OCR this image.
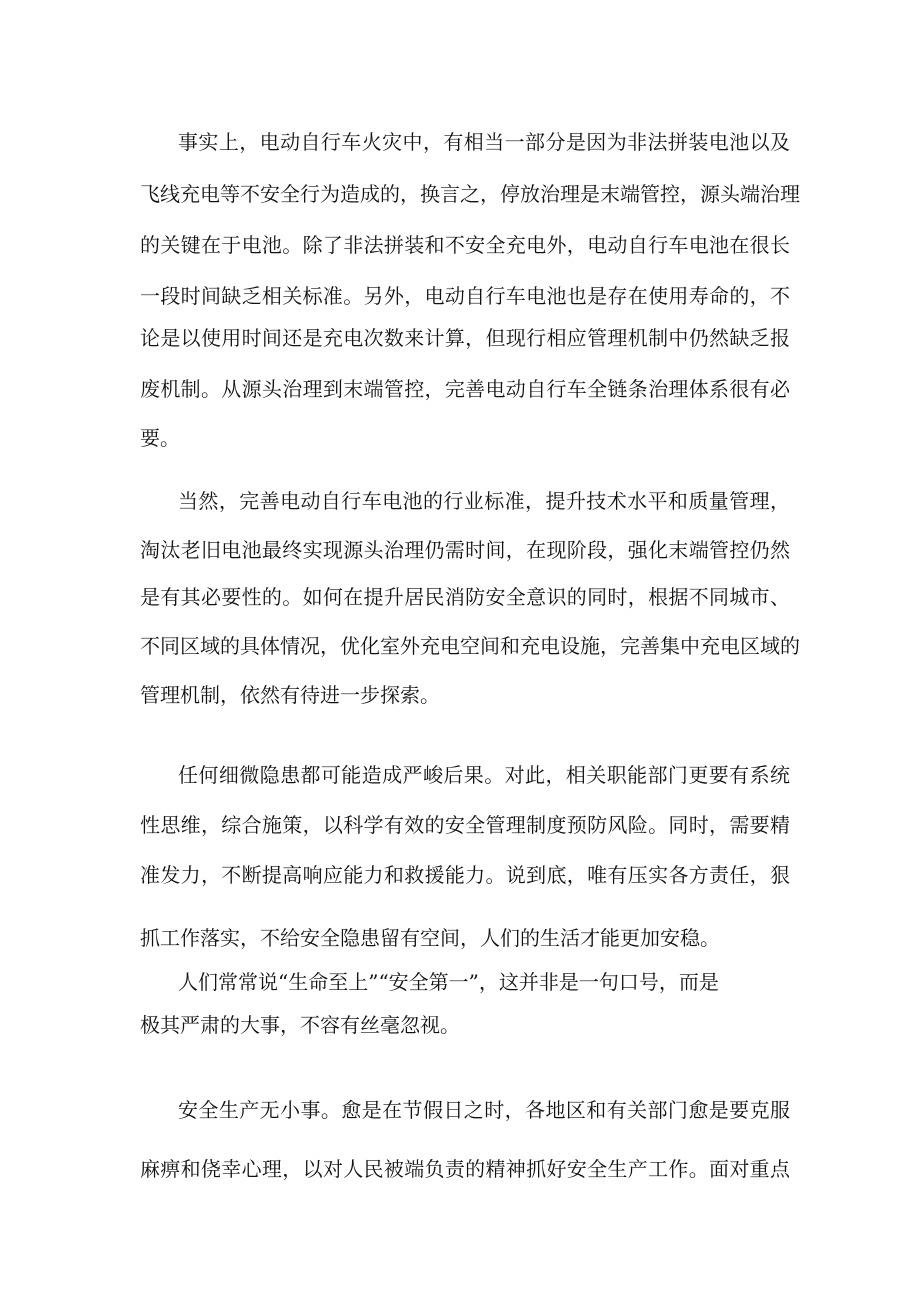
事实上，电动自行车火灾中，有相当一部分是因为非法拼装电池以及

飞线充电等不安全行为造成的，换言之，停放治理是末端管控，源头端治理

的关键在于电池。除了非法拼装和不安全充电外，电动自行车电池在很长

一段时间缺乏相关标准。另外，电动自行车电池也是存在使用寿命的，不

论是以使用时间还是充电次数来计算，但现行相应管理机制中仍然缺乏报

废机制。从源头治理到末端管控，完善电动自行车全链条治理体系很有必

要。

当然，完善电动自行车电池的行业标准，提升技术水平和质量管理，

淘汰老旧电池最终实现源头治理仍需时间，在现阶段，强化末端管控仍然

是有其必要性的。如何在提升居民消防安全意识的同时，根据不同城市、

不同区域的具体情况，优化室外充电空间和充电设施，完善集中充电区域的

管理机制，依然有待进一步探索。

任何细微隐患都可能造成严峻后果。对此，相关职能部门更要有系统

性思维，综合施策，以科学有效的安全管理制度预防风险。同时，需要精

准发力，不断提高响应能力和救援能力。说到底，唯有压实各方责任，狠

抓工作落实，不给安全隐患留有空间，人们的生活才能更加安稳。

人们常常说“生命至上”“安全第一”，这并非是一句口号，而是

极其严肃的大事，不容有丝毫忽视。

安全生产无小事。愈是在节假日之时，各地区和有关部门愈是要克服

麻痹和侥幸心理，以对人民被端负责的精神抓好安全生产工作。面对重点
